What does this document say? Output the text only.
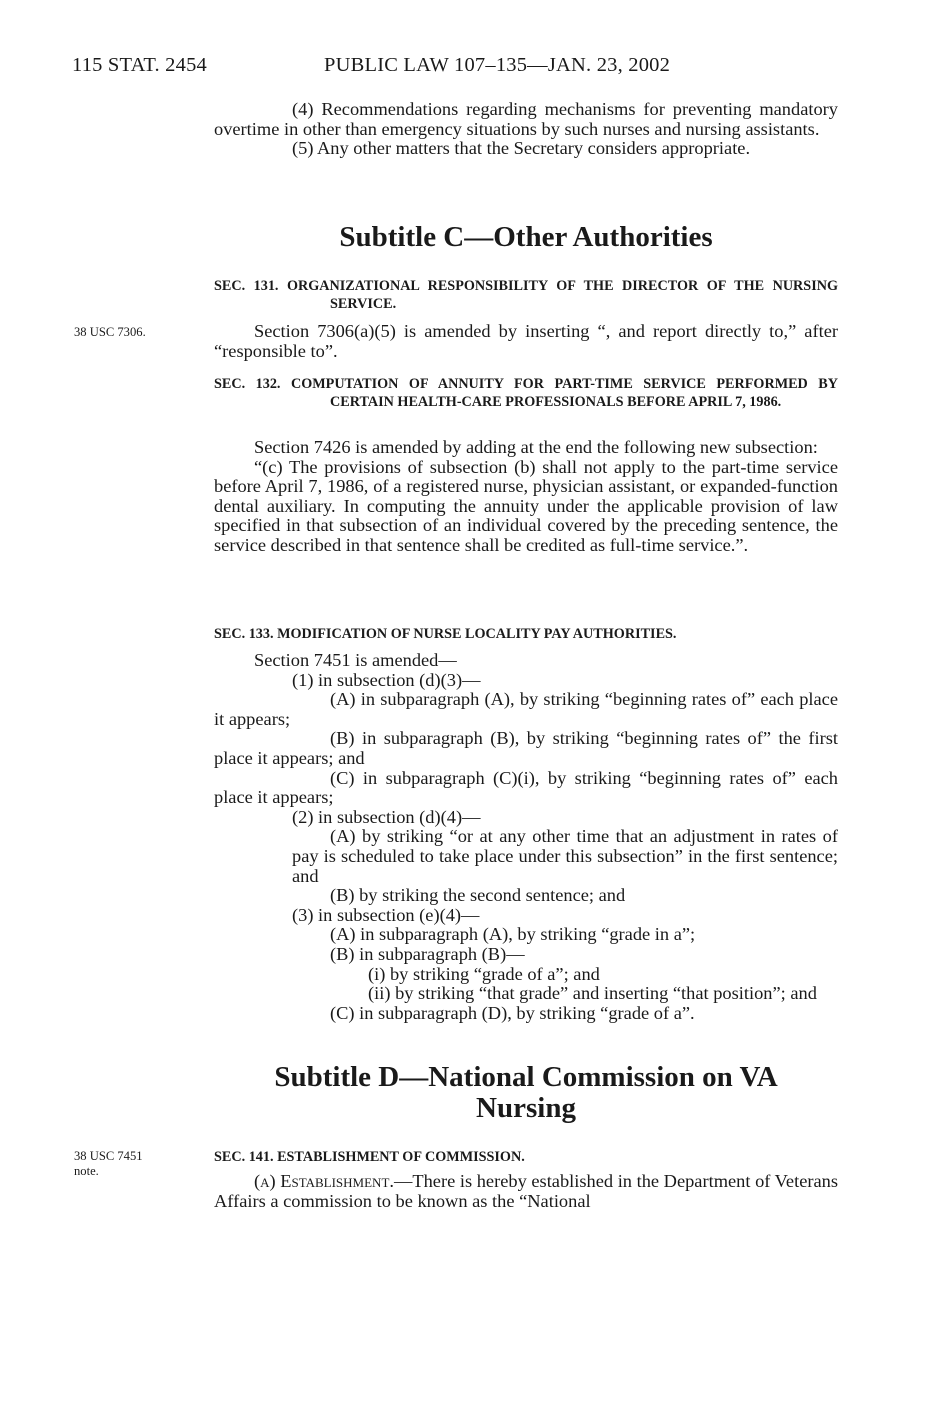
115 STAT. 2454	PUBLIC LAW 107–135—JAN. 23, 2002

(4) Recommendations regarding mechanisms for preventing mandatory overtime in other than emergency situations by such nurses and nursing assistants.

(5) Any other matters that the Secretary considers appropriate.

Subtitle C—Other Authorities
SEC. 131. ORGANIZATIONAL RESPONSIBILITY OF THE DIRECTOR OF THE NURSING SERVICE.
38 USC 7306.	Section 7306(a)(5) is amended by inserting “, and report directly to,” after “responsible to”.

SEC. 132. COMPUTATION OF ANNUITY FOR PART-TIME SERVICE PERFORMED BY CERTAIN HEALTH-CARE PROFESSIONALS BEFORE APRIL 7, 1986.

Section 7426 is amended by adding at the end the following new subsection:

“(c) The provisions of subsection (b) shall not apply to the part-time service before April 7, 1986, of a registered nurse, physician assistant, or expanded-function dental auxiliary. In computing the annuity under the applicable provision of law specified in that subsection of an individual covered by the preceding sentence, the service described in that sentence shall be credited as full-time service.”.

SEC. 133. MODIFICATION OF NURSE LOCALITY PAY AUTHORITIES.

Section 7451 is amended—

(1) in subsection (d)(3)—

(A) in subparagraph (A), by striking “beginning rates of” each place it appears;

(B) in subparagraph (B), by striking “beginning rates of” the first place it appears; and

(C) in subparagraph (C)(i), by striking “beginning rates of” each place it appears;

(2) in subsection (d)(4)—

(A) by striking “or at any other time that an adjustment in rates of pay is scheduled to take place under this subsection” in the first sentence; and

(B) by striking the second sentence; and

(3) in subsection (e)(4)—

(A) in subparagraph (A), by striking “grade in a”;

(B) in subparagraph (B)—

(i) by striking “grade of a”; and

(ii) by striking “that grade” and inserting “that position”; and

(C) in subparagraph (D), by striking “grade of a”.

Subtitle D—National Commission on VA
Nursing
38 USC 7451
note.
SEC. 141. ESTABLISHMENT OF COMMISSION.

(a) Establishment.—There is hereby established in the Department of Veterans Affairs a commission to be known as the “National
